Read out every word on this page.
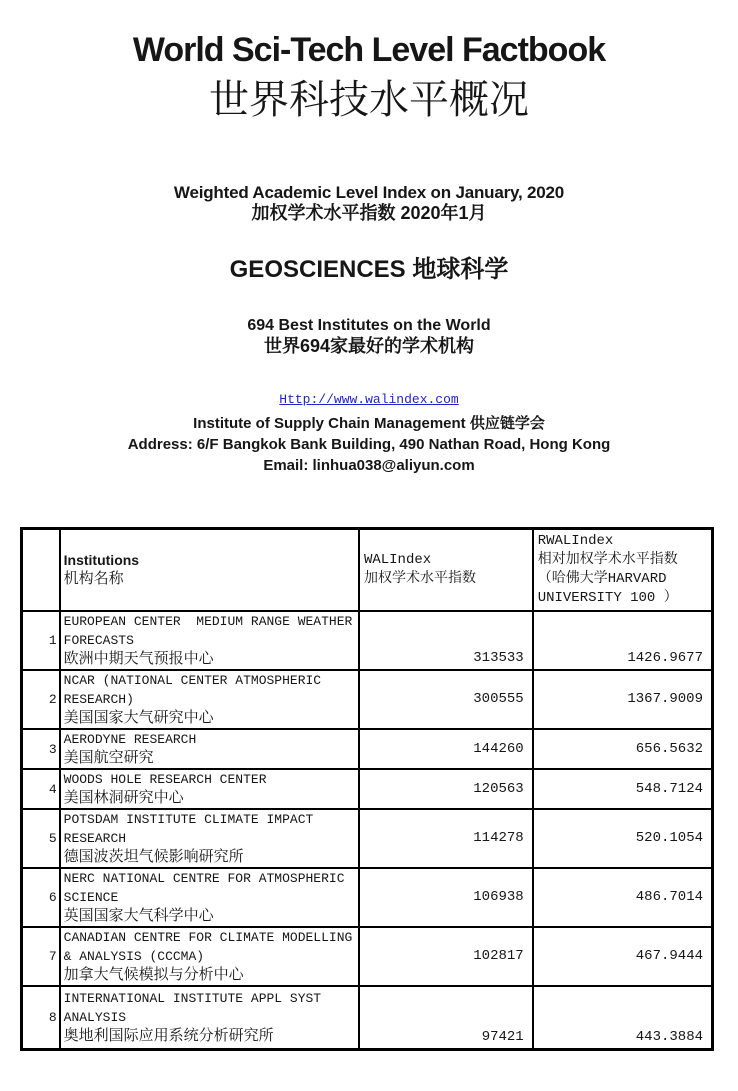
World Sci-Tech Level Factbook
世界科技水平概况
Weighted Academic Level Index on January, 2020
加权学术水平指数 2020年1月
GEOSCIENCES 地球科学
694 Best Institutes on the World
世界694家最好的学术机构
Http://www.walindex.com
Institute of Supply Chain Management 供应链学会
Address: 6/F Bangkok Bank Building, 490 Nathan Road, Hong Kong
Email: linhua038@aliyun.com

Institutions
机构名称

WALIndex
加权学术水平指数

RWALIndex
相对加权学术水平指数
（哈佛大学HARVARD
UNIVERSITY 100 ）

1	EUROPEAN CENTER  MEDIUM RANGE WEATHER FORECASTS
欧洲中期天气预报中心	313533	1426.9677
2	NCAR (NATIONAL CENTER ATMOSPHERIC RESEARCH)
美国国家大气研究中心	300555	1367.9009
3	AERODYNE RESEARCH
美国航空研究	144260	656.5632
4	WOODS HOLE RESEARCH CENTER
美国林洞研究中心	120563	548.7124
5	POTSDAM INSTITUTE CLIMATE IMPACT RESEARCH
德国波茨坦气候影响研究所	114278	520.1054
6	NERC NATIONAL CENTRE FOR ATMOSPHERIC SCIENCE
英国国家大气科学中心	106938	486.7014
7	CANADIAN CENTRE FOR CLIMATE MODELLING & ANALYSIS (CCCMA)
加拿大气候模拟与分析中心	102817	467.9444
8	INTERNATIONAL INSTITUTE APPL SYST ANALYSIS
奥地利国际应用系统分析研究所	97421	443.3884
